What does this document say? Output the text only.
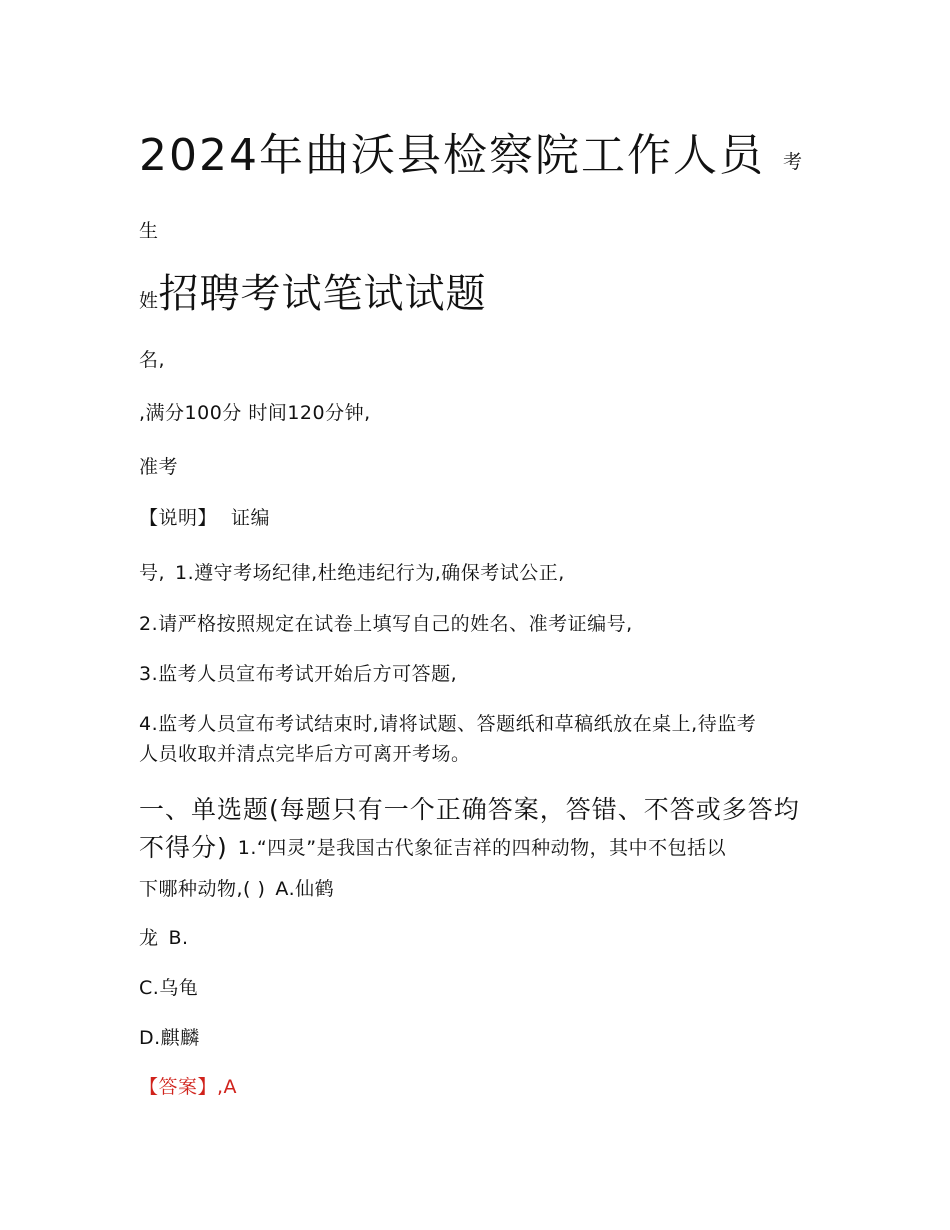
2024年曲沃县检察院工作人员 考
生
姓招聘考试笔试试题
名,
,满分100分 时间120分钟,
准考
【说明】 证编
号, 1.遵守考场纪律,杜绝违纪行为,确保考试公正,
2.请严格按照规定在试卷上填写自己的姓名、准考证编号,
3.监考人员宣布考试开始后方可答题,
4.监考人员宣布考试结束时,请将试题、答题纸和草稿纸放在桌上,待监考
人员收取并清点完毕后方可离开考场。
一、单选题(每题只有一个正确答案，答错、不答或多答均
不得分) 1.“四灵”是我国古代象征吉祥的四种动物，其中不包括以
下哪种动物,( ) A.仙鹤
龙 B.
C.乌龟
D.麒麟
【答案】,A
